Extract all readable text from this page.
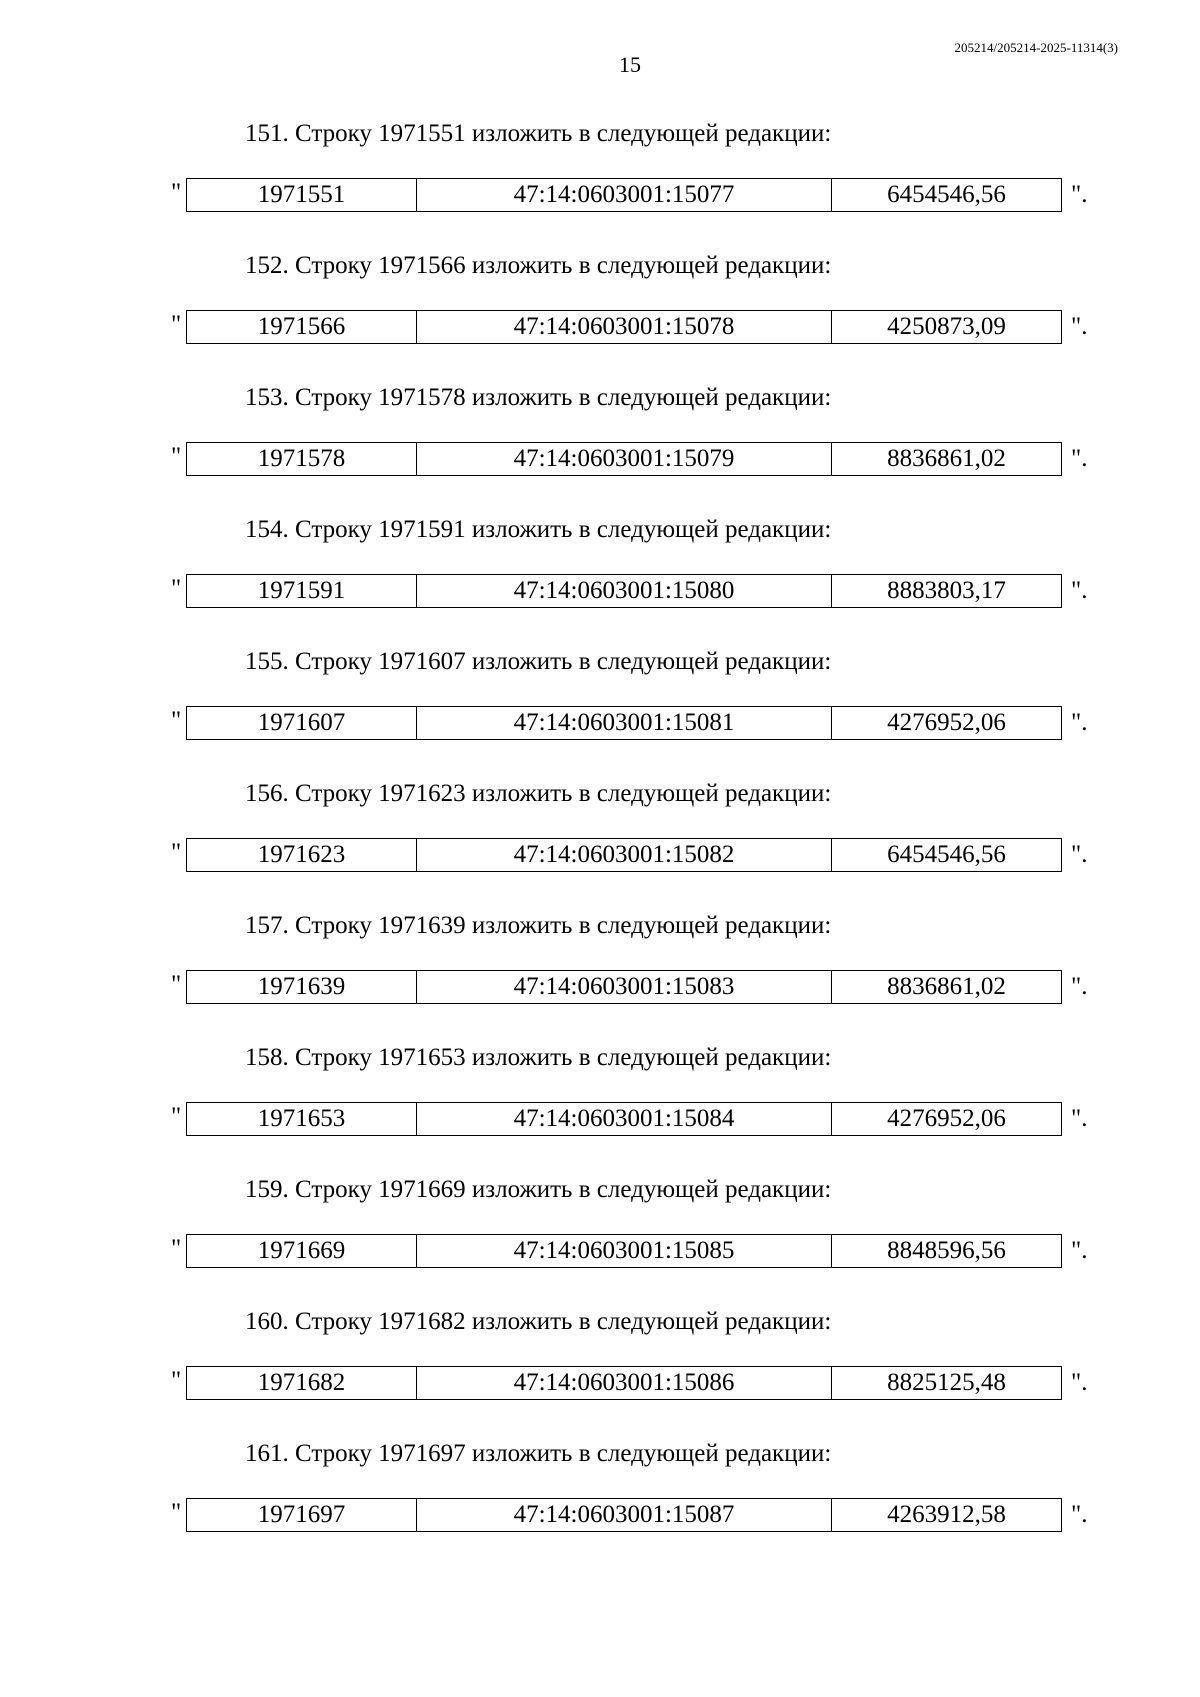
15
205214/205214-2025-11314(3)
151. Строку 1971551 изложить в следующей редакции:
"	1971551	47:14:0603001:15077	6454546,56	".
152. Строку 1971566 изложить в следующей редакции:
"	1971566	47:14:0603001:15078	4250873,09	".
153. Строку 1971578 изложить в следующей редакции:
"	1971578	47:14:0603001:15079	8836861,02	".
154. Строку 1971591 изложить в следующей редакции:
"	1971591	47:14:0603001:15080	8883803,17	".
155. Строку 1971607 изложить в следующей редакции:
"	1971607	47:14:0603001:15081	4276952,06	".
156. Строку 1971623 изложить в следующей редакции:
"	1971623	47:14:0603001:15082	6454546,56	".
157. Строку 1971639 изложить в следующей редакции:
"	1971639	47:14:0603001:15083	8836861,02	".
158. Строку 1971653 изложить в следующей редакции:
"	1971653	47:14:0603001:15084	4276952,06	".
159. Строку 1971669 изложить в следующей редакции:
"	1971669	47:14:0603001:15085	8848596,56	".
160. Строку 1971682 изложить в следующей редакции:
"	1971682	47:14:0603001:15086	8825125,48	".
161. Строку 1971697 изложить в следующей редакции:
"	1971697	47:14:0603001:15087	4263912,58	".
